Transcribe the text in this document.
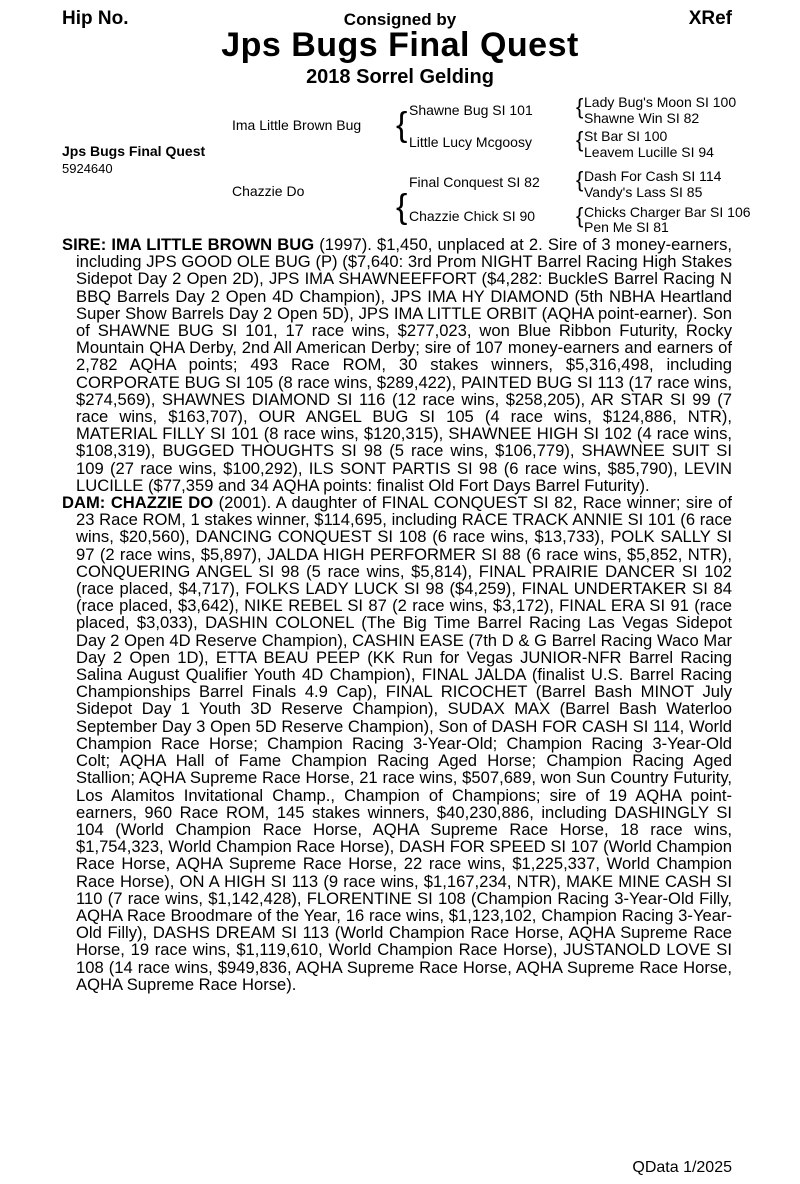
Hip No.	Consigned by	XRef
Jps Bugs Final Quest
2018 Sorrel Gelding
Jps Bugs Final Quest
5924640
Ima Little Brown Bug
Chazzie Do
{
{
Shawne Bug SI 101
Little Lucy Mcgoosy
Final Conquest SI 82
Chazzie Chick SI 90
{
{
{
{
Lady Bug's Moon SI 100
Shawne Win SI 82
St Bar SI 100
Leavem Lucille SI 94
Dash For Cash SI 114
Vandy's Lass SI 85
Chicks Charger Bar SI 106
Pen Me SI 81

SIRE: IMA LITTLE BROWN BUG (1997). $1,450, unplaced at 2. Sire of 3 money-earners, including JPS GOOD OLE BUG (P) ($7,640: 3rd Prom NIGHT Barrel Racing High Stakes Sidepot Day 2 Open 2D), JPS IMA SHAWNEEFFORT ($4,282: BuckleS Barrel Racing N BBQ Barrels Day 2 Open 4D Champion), JPS IMA HY DIAMOND (5th NBHA Heartland Super Show Barrels Day 2 Open 5D), JPS IMA LITTLE ORBIT (AQHA point-earner). Son of SHAWNE BUG SI 101, 17 race wins, $277,023, won Blue Ribbon Futurity, Rocky Mountain QHA Derby, 2nd All American Derby; sire of 107 money-earners and earners of 2,782 AQHA points; 493 Race ROM, 30 stakes winners, $5,316,498, including CORPORATE BUG SI 105 (8 race wins, $289,422), PAINTED BUG SI 113 (17 race wins, $274,569), SHAWNES DIAMOND SI 116 (12 race wins, $258,205), AR STAR SI 99 (7 race wins, $163,707), OUR ANGEL BUG SI 105 (4 race wins, $124,886, NTR), MATERIAL FILLY SI 101 (8 race wins, $120,315), SHAWNEE HIGH SI 102 (4 race wins, $108,319), BUGGED THOUGHTS SI 98 (5 race wins, $106,779), SHAWNEE SUIT SI 109 (27 race wins, $100,292), ILS SONT PARTIS SI 98 (6 race wins, $85,790), LEVIN LUCILLE ($77,359 and 34 AQHA points: finalist Old Fort Days Barrel Futurity).

DAM: CHAZZIE DO (2001). A daughter of FINAL CONQUEST SI 82, Race winner; sire of 23 Race ROM, 1 stakes winner, $114,695, including RACE TRACK ANNIE SI 101 (6 race wins, $20,560), DANCING CONQUEST SI 108 (6 race wins, $13,733), POLK SALLY SI 97 (2 race wins, $5,897), JALDA HIGH PERFORMER SI 88 (6 race wins, $5,852, NTR), CONQUERING ANGEL SI 98 (5 race wins, $5,814), FINAL PRAIRIE DANCER SI 102 (race placed, $4,717), FOLKS LADY LUCK SI 98 ($4,259), FINAL UNDERTAKER SI 84 (race placed, $3,642), NIKE REBEL SI 87 (2 race wins, $3,172), FINAL ERA SI 91 (race placed, $3,033), DASHIN COLONEL (The Big Time Barrel Racing Las Vegas Sidepot Day 2 Open 4D Reserve Champion), CASHIN EASE (7th D & G Barrel Racing Waco Mar Day 2 Open 1D), ETTA BEAU PEEP (KK Run for Vegas JUNIOR-NFR Barrel Racing Salina August Qualifier Youth 4D Champion), FINAL JALDA (finalist U.S. Barrel Racing Championships Barrel Finals 4.9 Cap), FINAL RICOCHET (Barrel Bash MINOT July Sidepot Day 1 Youth 3D Reserve Champion), SUDAX MAX (Barrel Bash Waterloo September Day 3 Open 5D Reserve Champion), Son of DASH FOR CASH SI 114, World Champion Race Horse; Champion Racing 3-Year-Old; Champion Racing 3-Year-Old Colt; AQHA Hall of Fame Champion Racing Aged Horse; Champion Racing Aged Stallion; AQHA Supreme Race Horse, 21 race wins, $507,689, won Sun Country Futurity, Los Alamitos Invitational Champ., Champion of Champions; sire of 19 AQHA point-earners, 960 Race ROM, 145 stakes winners, $40,230,886, including DASHINGLY SI 104 (World Champion Race Horse, AQHA Supreme Race Horse, 18 race wins, $1,754,323, World Champion Race Horse), DASH FOR SPEED SI 107 (World Champion Race Horse, AQHA Supreme Race Horse, 22 race wins, $1,225,337, World Champion Race Horse), ON A HIGH SI 113 (9 race wins, $1,167,234, NTR), MAKE MINE CASH SI 110 (7 race wins, $1,142,428), FLORENTINE SI 108 (Champion Racing 3-Year-Old Filly, AQHA Race Broodmare of the Year, 16 race wins, $1,123,102, Champion Racing 3-Year-Old Filly), DASHS DREAM SI 113 (World Champion Race Horse, AQHA Supreme Race Horse, 19 race wins, $1,119,610, World Champion Race Horse), JUSTANOLD LOVE SI 108 (14 race wins, $949,836, AQHA Supreme Race Horse, AQHA Supreme Race Horse, AQHA Supreme Race Horse).

QData 1/2025
